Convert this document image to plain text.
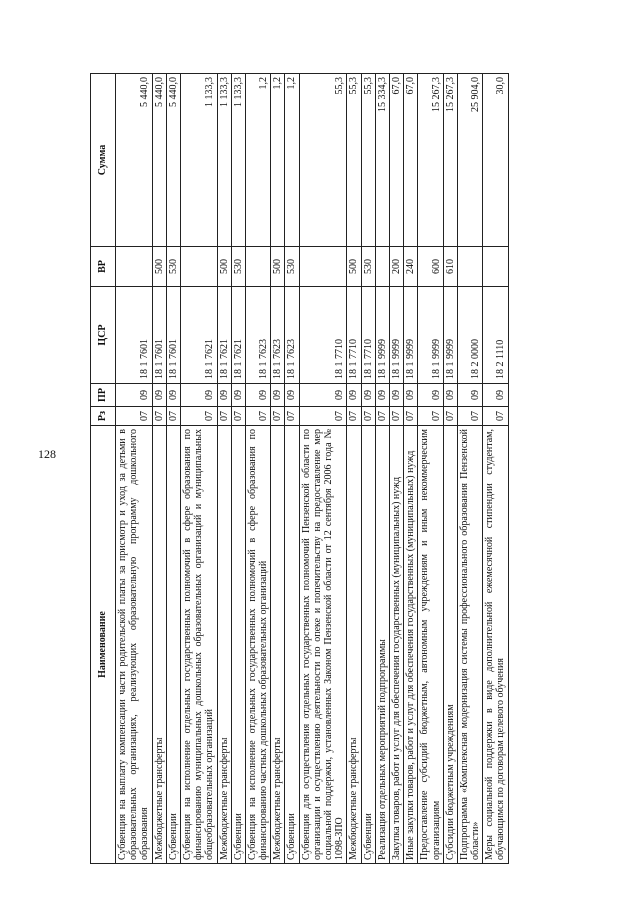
128
Наименование	Рз	ПР	ЦСР	ВР	Сумма
Субвенция на выплату компенсации части родительской платы за присмотр и уход за детьми в образовательных организациях, реализующих образовательную программу дошкольного образования	07	09	18 1 7601		5 440,0
Межбюджетные трансферты	07	09	18 1 7601	500	5 440,0
Субвенции	07	09	18 1 7601	530	5 440,0
Субвенция на исполнение отдельных государственных полномочий в сфере образования по финансированию муниципальных дошкольных образовательных организаций и муниципальных общеобразовательных организаций	07	09	18 1 7621		1 133,3
Межбюджетные трансферты	07	09	18 1 7621	500	1 133,3
Субвенции	07	09	18 1 7621	530	1 133,3
Субвенция на исполнение отдельных государственных полномочий в сфере образования по финансированию частных дошкольных образовательных организаций	07	09	18 1 7623		1,2
Межбюджетные трансферты	07	09	18 1 7623	500	1,2
Субвенции	07	09	18 1 7623	530	1,2
Субвенция для осуществления отдельных государственных полномочий Пензенской области по организации и осуществлению деятельности по опеке и попечительству на предоставление мер социальной поддержки, установленных Законом Пензенской области от 12 сентября 2006 года № 1098-ЗПО	07	09	18 1 7710		55,3
Межбюджетные трансферты	07	09	18 1 7710	500	55,3
Субвенции	07	09	18 1 7710	530	55,3
Реализация отдельных мероприятий подпрограммы	07	09	18 1 9999		15 334,3
Закупка товаров, работ и услуг для обеспечения государственных (муниципальных) нужд	07	09	18 1 9999	200	67,0
Иные закупки товаров, работ и услуг для обеспечения государственных (муниципальных) нужд	07	09	18 1 9999	240	67,0
Предоставление субсидий бюджетным, автономным учреждениям и иным некоммерческим организациям	07	09	18 1 9999	600	15 267,3
Субсидии бюджетным учреждениям	07	09	18 1 9999	610	15 267,3
Подпрограмма «Комплексная модернизация системы профессионального образования Пензенской области»	07	09	18 2 0000		25 904,0
Меры социальной поддержки в виде дополнительной ежемесячной стипендии студентам, обучающимся по договорам целевого обучения	07	09	18 2 1110		30,0
